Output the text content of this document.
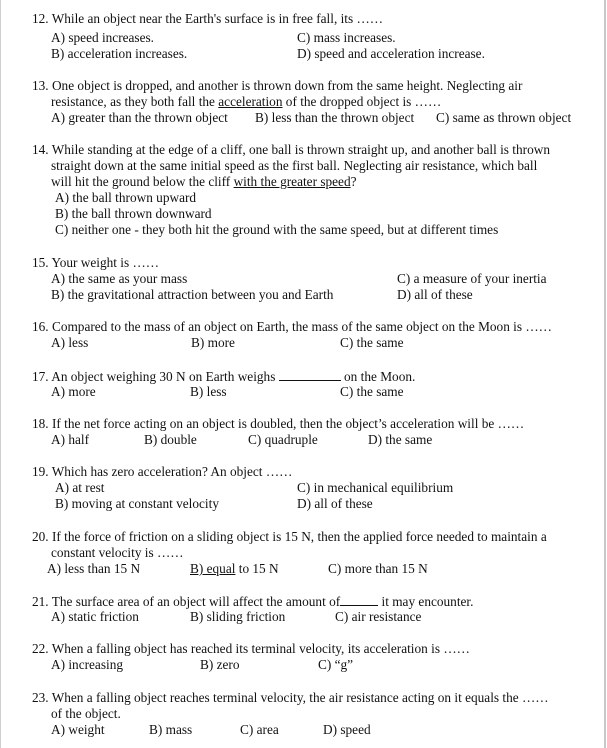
12. While an object near the Earth's surface is in free fall, its ……
A) speed increases.	C) mass increases.
B) acceleration increases.	D) speed and acceleration increase.
13. One object is dropped, and another is thrown down from the same height. Neglecting air
resistance, as they both fall the acceleration of the dropped object is ……
A) greater than the thrown object B) less than the thrown object C) same as thrown object
14. While standing at the edge of a cliff, one ball is thrown straight up, and another ball is thrown
straight down at the same initial speed as the first ball. Neglecting air resistance, which ball
will hit the ground below the cliff with the greater speed?
A) the ball thrown upward
B) the ball thrown downward
C) neither one - they both hit the ground with the same speed, but at different times
15. Your weight is ……
A) the same as your mass	C) a measure of your inertia
B) the gravitational attraction between you and Earth	D) all of these
16. Compared to the mass of an object on Earth, the mass of the same object on the Moon is ……
A) less	B) more	C) the same
17. An object weighing 30 N on Earth weighs	on the Moon.
A) more	B) less	C) the same
18. If the net force acting on an object is doubled, then the object’s acceleration will be ……
A) half	B) double	C) quadruple	D) the same
19. Which has zero acceleration? An object ……
A) at rest	C) in mechanical equilibrium
B) moving at constant velocity	D) all of these
20. If the force of friction on a sliding object is 15 N, then the applied force needed to maintain a
constant velocity is ……
A) less than 15 N	B) equal to 15 N	C) more than 15 N
21. The surface area of an object will affect the amount of	it may encounter.
A) static friction	B) sliding friction	C) air resistance
22. When a falling object has reached its terminal velocity, its acceleration is ……
A) increasing	B) zero	C) “g”
23. When a falling object reaches terminal velocity, the air resistance acting on it equals the ……
of the object.
A) weight	B) mass	C) area	D) speed
